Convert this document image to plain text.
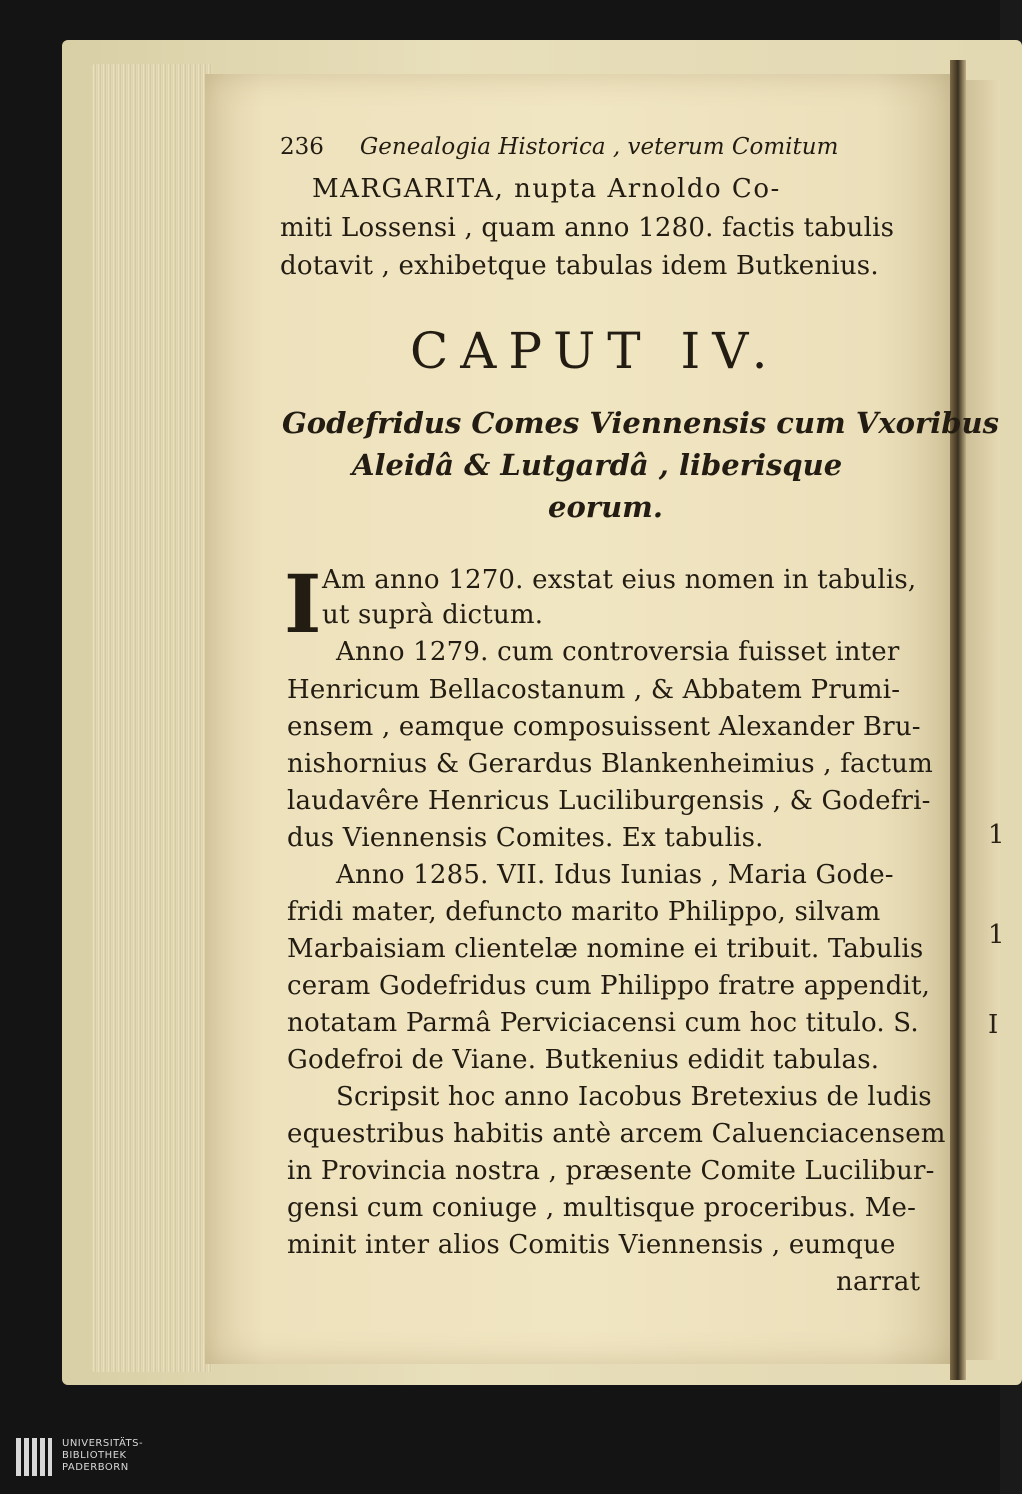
1
1
I
236 Genealogia Historica , veterum Comitum
MARGARITA, nupta Arnoldo Co-
miti Lossensi , quam anno 1280. factis tabulis
dotavit , exhibetque tabulas idem Butkenius.
CAPUT IV.
Godefridus Comes Viennensis cum Vxoribus
Aleidâ & Lutgardâ , liberisque
eorum.
I Am anno 1270. exstat eius nomen in tabulis,
ut suprà dictum.
Anno 1279. cum controversia fuisset inter
Henricum Bellacostanum , & Abbatem Prumi-
ensem , eamque composuissent Alexander Bru-
nishornius & Gerardus Blankenheimius , factum
laudavêre Henricus Luciliburgensis , & Godefri-
dus Viennensis Comites. Ex tabulis.
Anno 1285. VII. Idus Iunias , Maria Gode-
fridi mater, defuncto marito Philippo, silvam
Marbaisiam clientelæ nomine ei tribuit. Tabulis
ceram Godefridus cum Philippo fratre appendit,
notatam Parmâ Perviciacensi cum hoc titulo. S.
Godefroi de Viane. Butkenius edidit tabulas.
Scripsit hoc anno Iacobus Bretexius de ludis
equestribus habitis antè arcem Caluenciacensem
in Provincia nostra , præsente Comite Lucilibur-
gensi cum coniuge , multisque proceribus. Me-
minit inter alios Comitis Viennensis , eumque
narrat
UNIVERSITÄTS-
BIBLIOTHEK
PADERBORN
